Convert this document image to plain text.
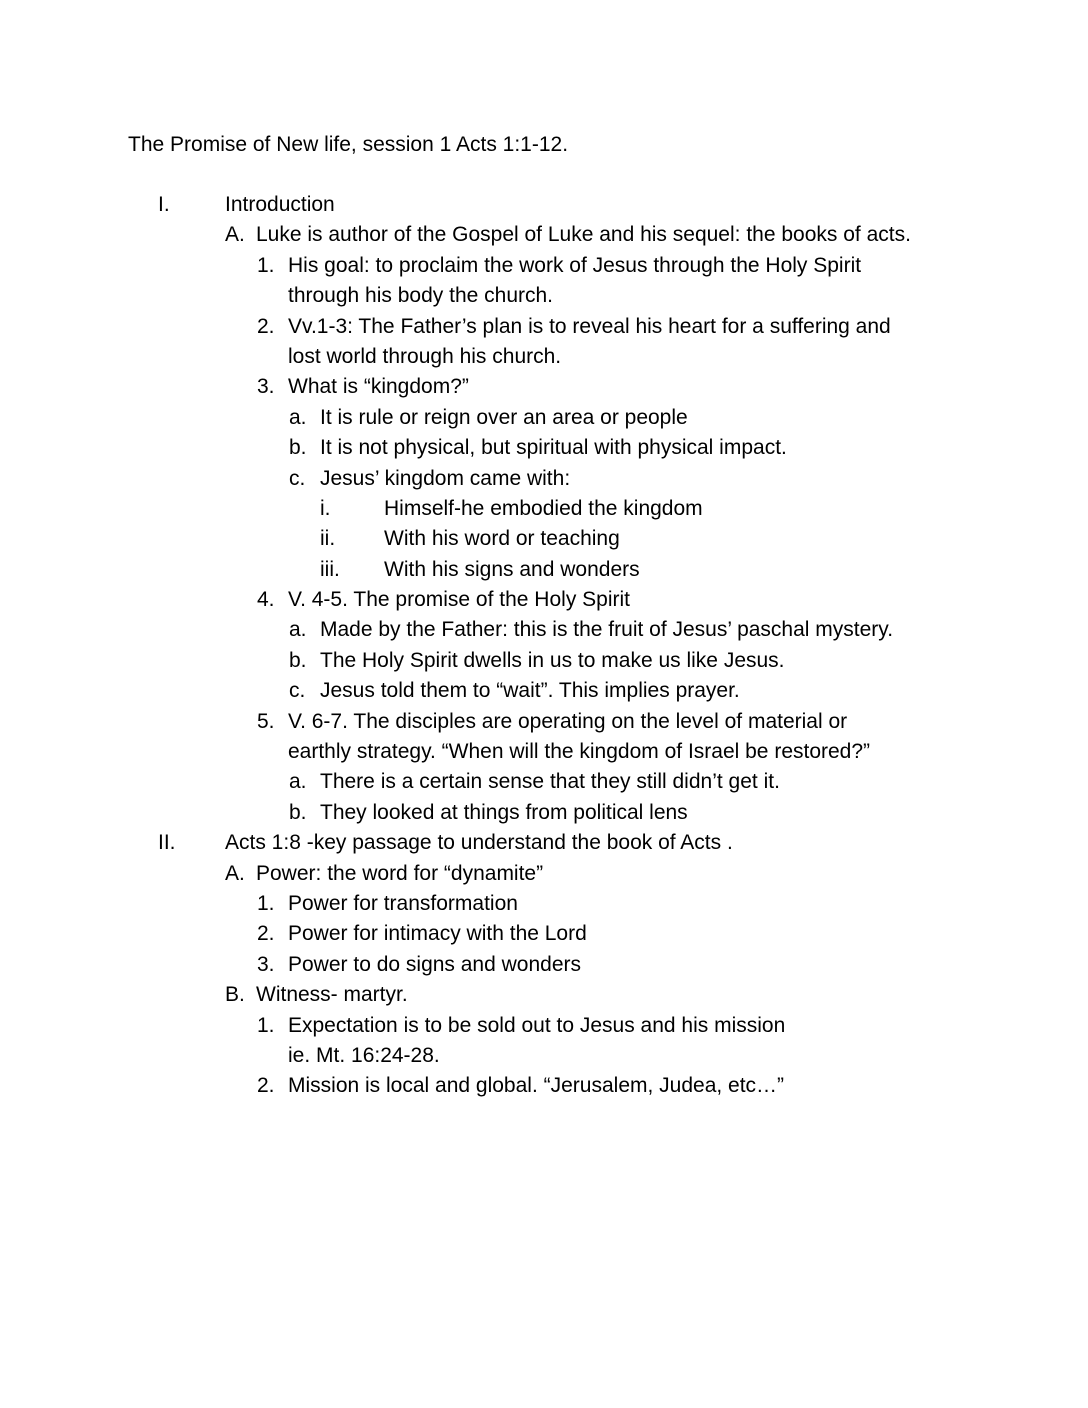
The Promise of New life, session 1 Acts 1:1-12.
I.	Introduction
A. Luke is author of the Gospel of Luke and his sequel: the books of acts.
1. His goal: to proclaim the work of Jesus through the Holy Spirit
through his body the church.
2. Vv.1-3: The Father’s plan is to reveal his heart for a suffering and
lost world through his church.
3. What is “kingdom?”
a. It is rule or reign over an area or people
b. It is not physical, but spiritual with physical impact.
c. Jesus’ kingdom came with:
i.	Himself-he embodied the kingdom
ii. With his word or teaching
iii. With his signs and wonders
4. V. 4-5. The promise of the Holy Spirit
a. Made by the Father: this is the fruit of Jesus’ paschal mystery.
b. The Holy Spirit dwells in us to make us like Jesus.
c. Jesus told them to “wait”. This implies prayer.
5. V. 6-7. The disciples are operating on the level of material or
earthly strategy. “When will the kingdom of Israel be restored?”
a. There is a certain sense that they still didn’t get it.
b. They looked at things from political lens
II. Acts 1:8 -key passage to understand the book of Acts .
A. Power: the word for “dynamite”
1. Power for transformation
2. Power for intimacy with the Lord
3. Power to do signs and wonders
B. Witness- martyr.
1. Expectation is to be sold out to Jesus and his mission
ie. Mt. 16:24-28.
2. Mission is local and global. “Jerusalem, Judea, etc…”
